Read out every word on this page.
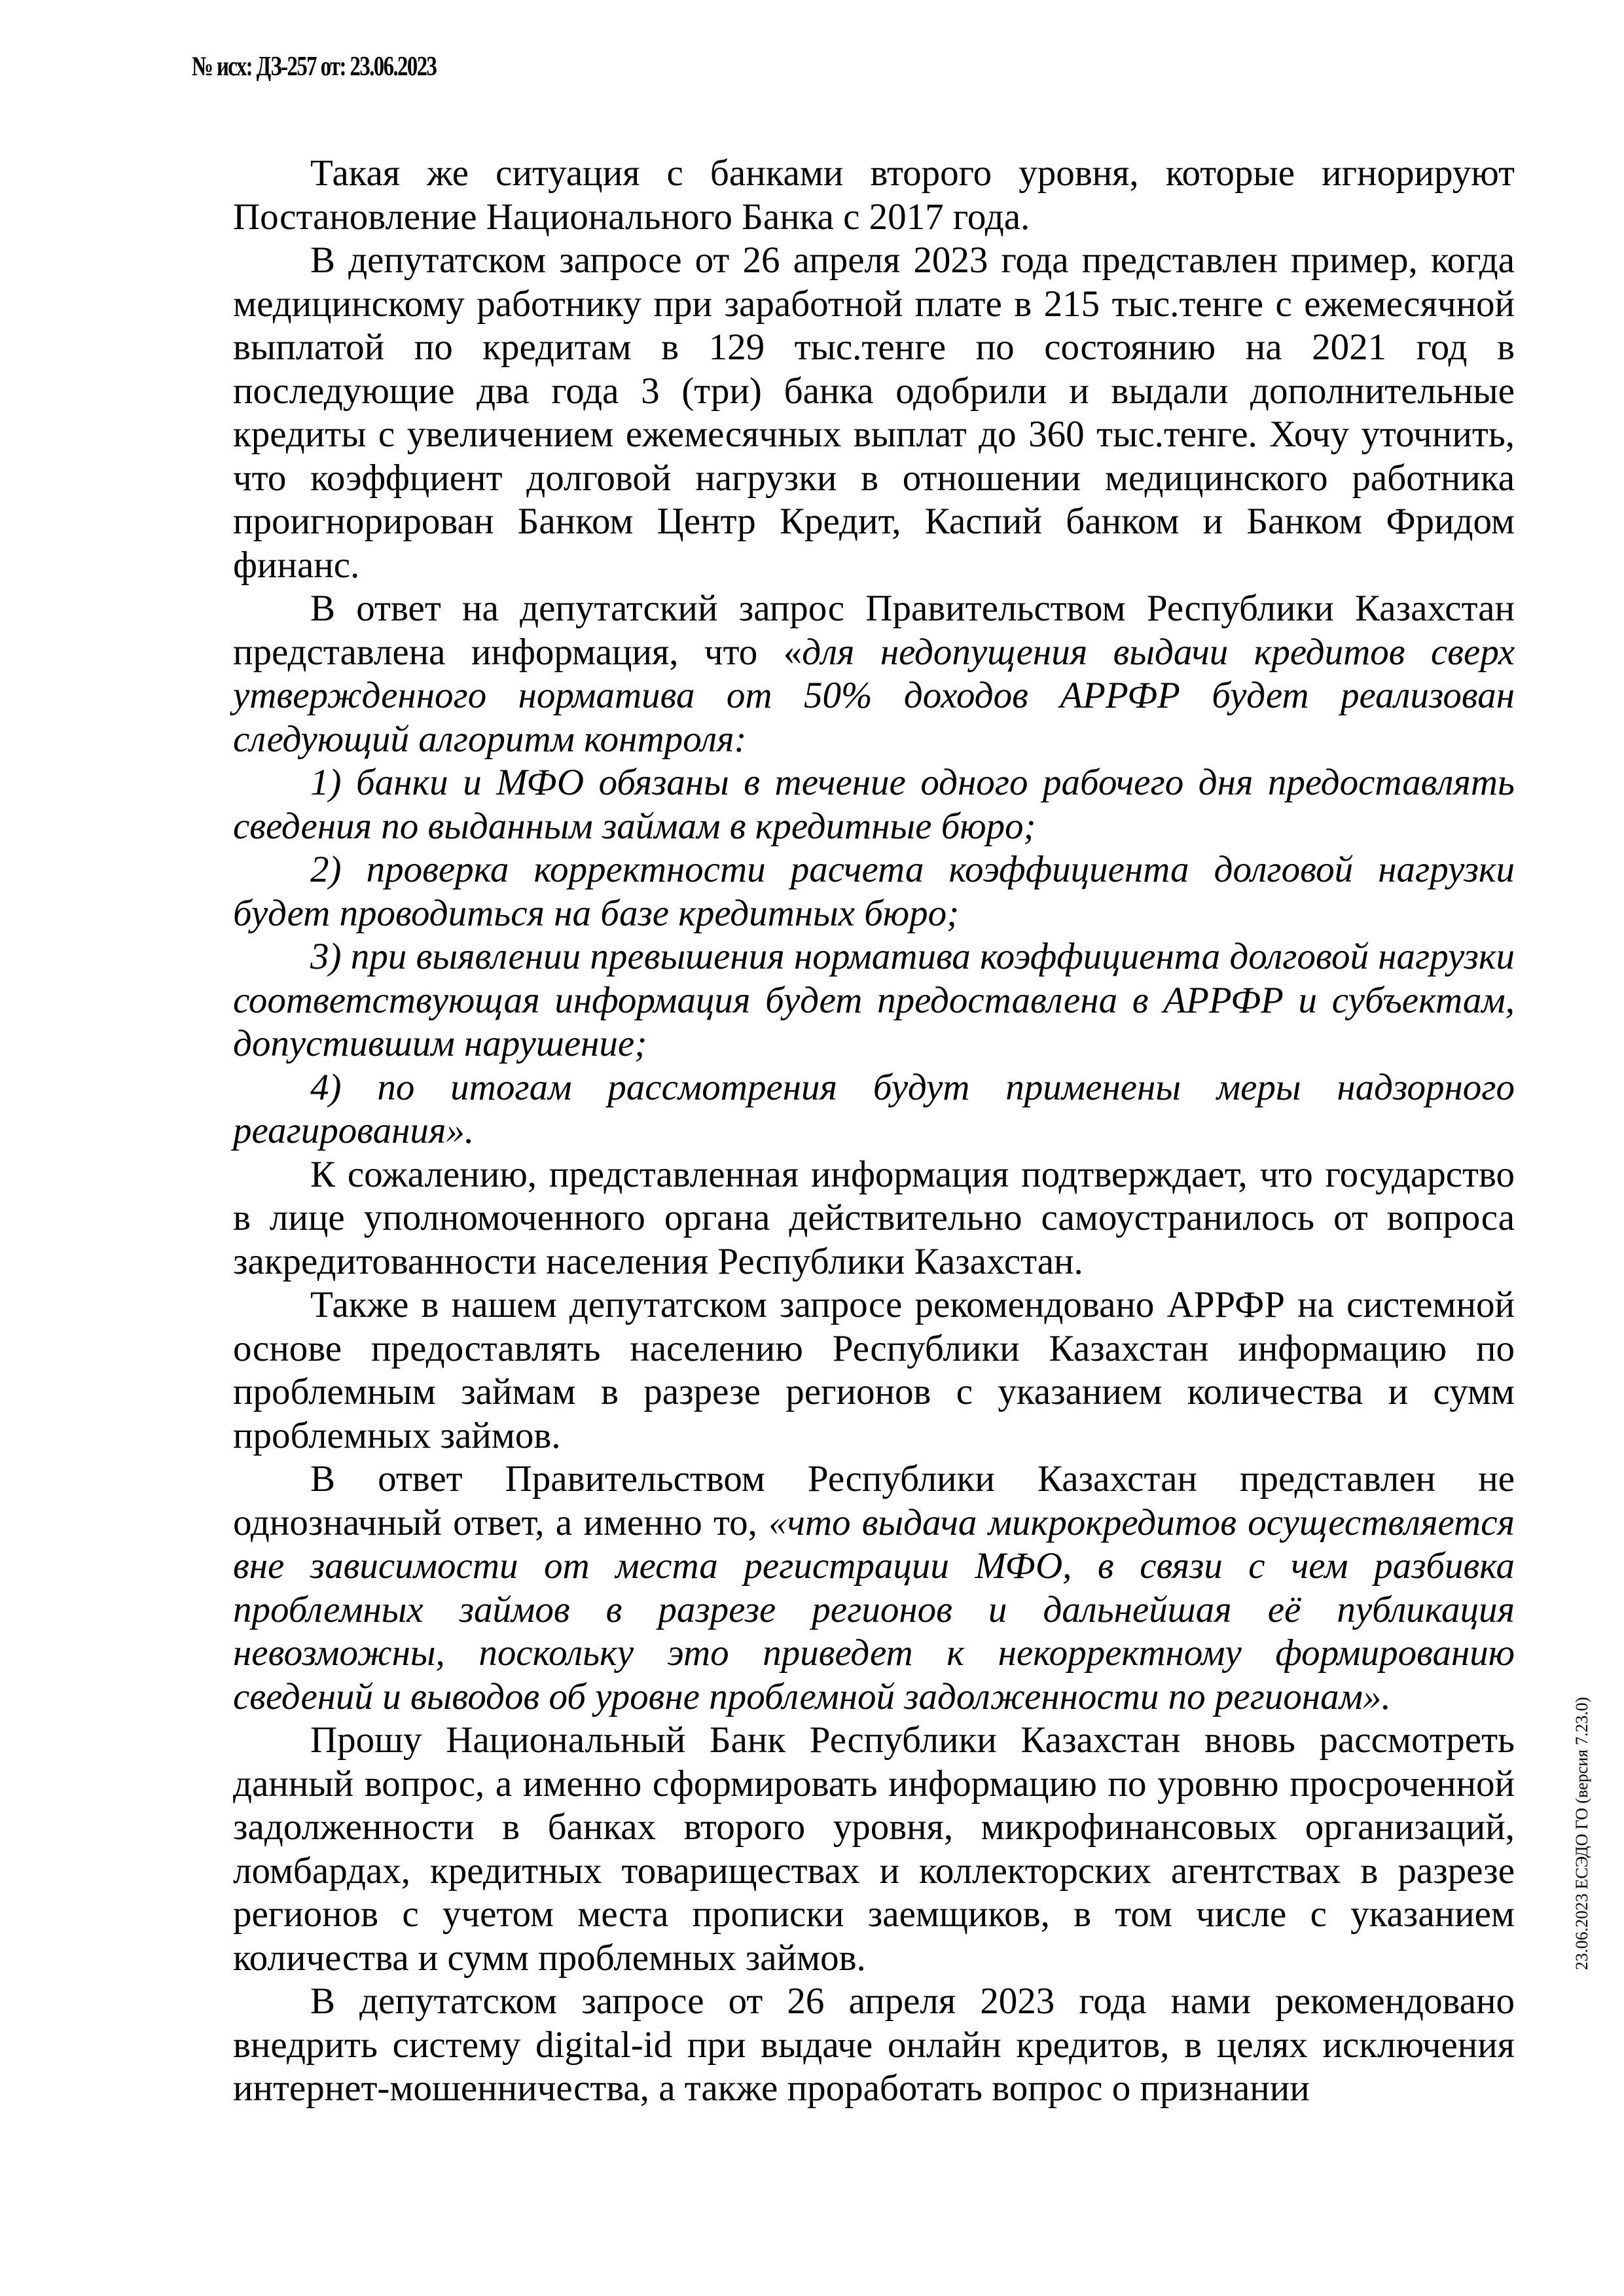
№ исх: ДЗ-257 от: 23.06.2023

Такая же ситуация с банками второго уровня, которые игнорируют Постановление Национального Банка с 2017 года.

В депутатском запросе от 26 апреля 2023 года представлен пример, когда медицинскому работнику при заработной плате в 215 тыс.тенге с ежемесячной выплатой по кредитам в 129 тыс.тенге по состоянию на 2021 год в последующие два года 3 (три) банка одобрили и выдали дополнительные кредиты с увеличением ежемесячных выплат до 360 тыс.тенге. Хочу уточнить, что коэффциент долговой нагрузки в отношении медицинского работника проигнорирован Банком Центр Кредит, Каспий банком и Банком Фридом финанс.

В ответ на депутатский запрос Правительством Республики Казахстан представлена информация, что «для недопущения выдачи кредитов сверх утвержденного норматива от 50% доходов АРРФР будет реализован следующий алгоритм контроля:

1) банки и МФО обязаны в течение одного рабочего дня предоставлять сведения по выданным займам в кредитные бюро;

2) проверка корректности расчета коэффициента долговой нагрузки будет проводиться на базе кредитных бюро;

3) при выявлении превышения норматива коэффициента долговой нагрузки соответствующая информация будет предоставлена в АРРФР и субъектам, допустившим нарушение;

4) по итогам рассмотрения будут применены меры надзорного реагирования».

К сожалению, представленная информация подтверждает, что государство в лице уполномоченного органа действительно самоустранилось от вопроса закредитованности населения Республики Казахстан.

Также в нашем депутатском запросе рекомендовано АРРФР на системной основе предоставлять населению Республики Казахстан информацию по проблемным займам в разрезе регионов с указанием количества и сумм проблемных займов.

В ответ Правительством Республики Казахстан представлен не однозначный ответ, а именно то, «что выдача микрокредитов осуществляется вне зависимости от места регистрации МФО, в связи с чем разбивка проблемных займов в разрезе регионов и дальнейшая её публикация невозможны, поскольку это приведет к некорректному формированию сведений и выводов об уровне проблемной задолженности по регионам».

Прошу Национальный Банк Республики Казахстан вновь рассмотреть данный вопрос, а именно сформировать информацию по уровню просроченной задолженности в банках второго уровня, микрофинансовых организаций, ломбардах, кредитных товариществах и коллекторских агентствах в разрезе регионов с учетом места прописки заемщиков, в том числе с указанием количества и сумм проблемных займов.

В депутатском запросе от 26 апреля 2023 года нами рекомендовано внедрить систему digital-id при выдаче онлайн кредитов, в целях исключения интернет-мошенничества, а также проработать вопрос о признании

23.06.2023 ЕСЭДО ГО (версия 7.23.0)
